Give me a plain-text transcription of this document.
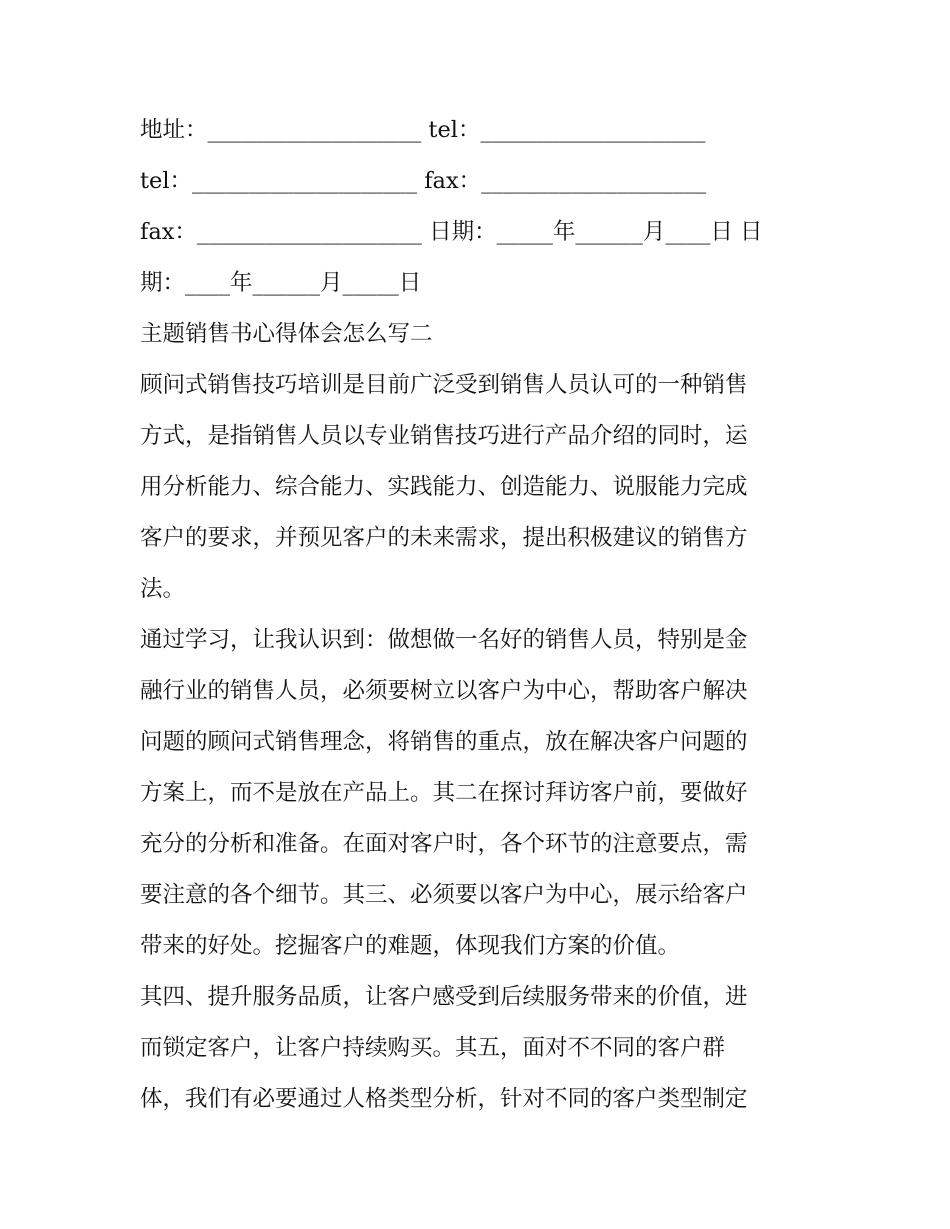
地址：___________________ tel：____________________
tel：____________________ fax：____________________
fax：____________________ 日期：_____年______月____日 日
期：____年______月_____日
主题销售书心得体会怎么写二
顾问式销售技巧培训是目前广泛受到销售人员认可的一种销售
方式，是指销售人员以专业销售技巧进行产品介绍的同时，运
用分析能力、综合能力、实践能力、创造能力、说服能力完成
客户的要求，并预见客户的未来需求，提出积极建议的销售方
法。
通过学习，让我认识到：做想做一名好的销售人员，特别是金
融行业的销售人员，必须要树立以客户为中心，帮助客户解决
问题的顾问式销售理念，将销售的重点，放在解决客户问题的
方案上，而不是放在产品上。其二在探讨拜访客户前，要做好
充分的分析和准备。在面对客户时，各个环节的注意要点，需
要注意的各个细节。其三、必须要以客户为中心，展示给客户
带来的好处。挖掘客户的难题，体现我们方案的价值。
其四、提升服务品质，让客户感受到后续服务带来的价值，进
而锁定客户，让客户持续购买。其五，面对不不同的客户群
体，我们有必要通过人格类型分析，针对不同的客户类型制定
